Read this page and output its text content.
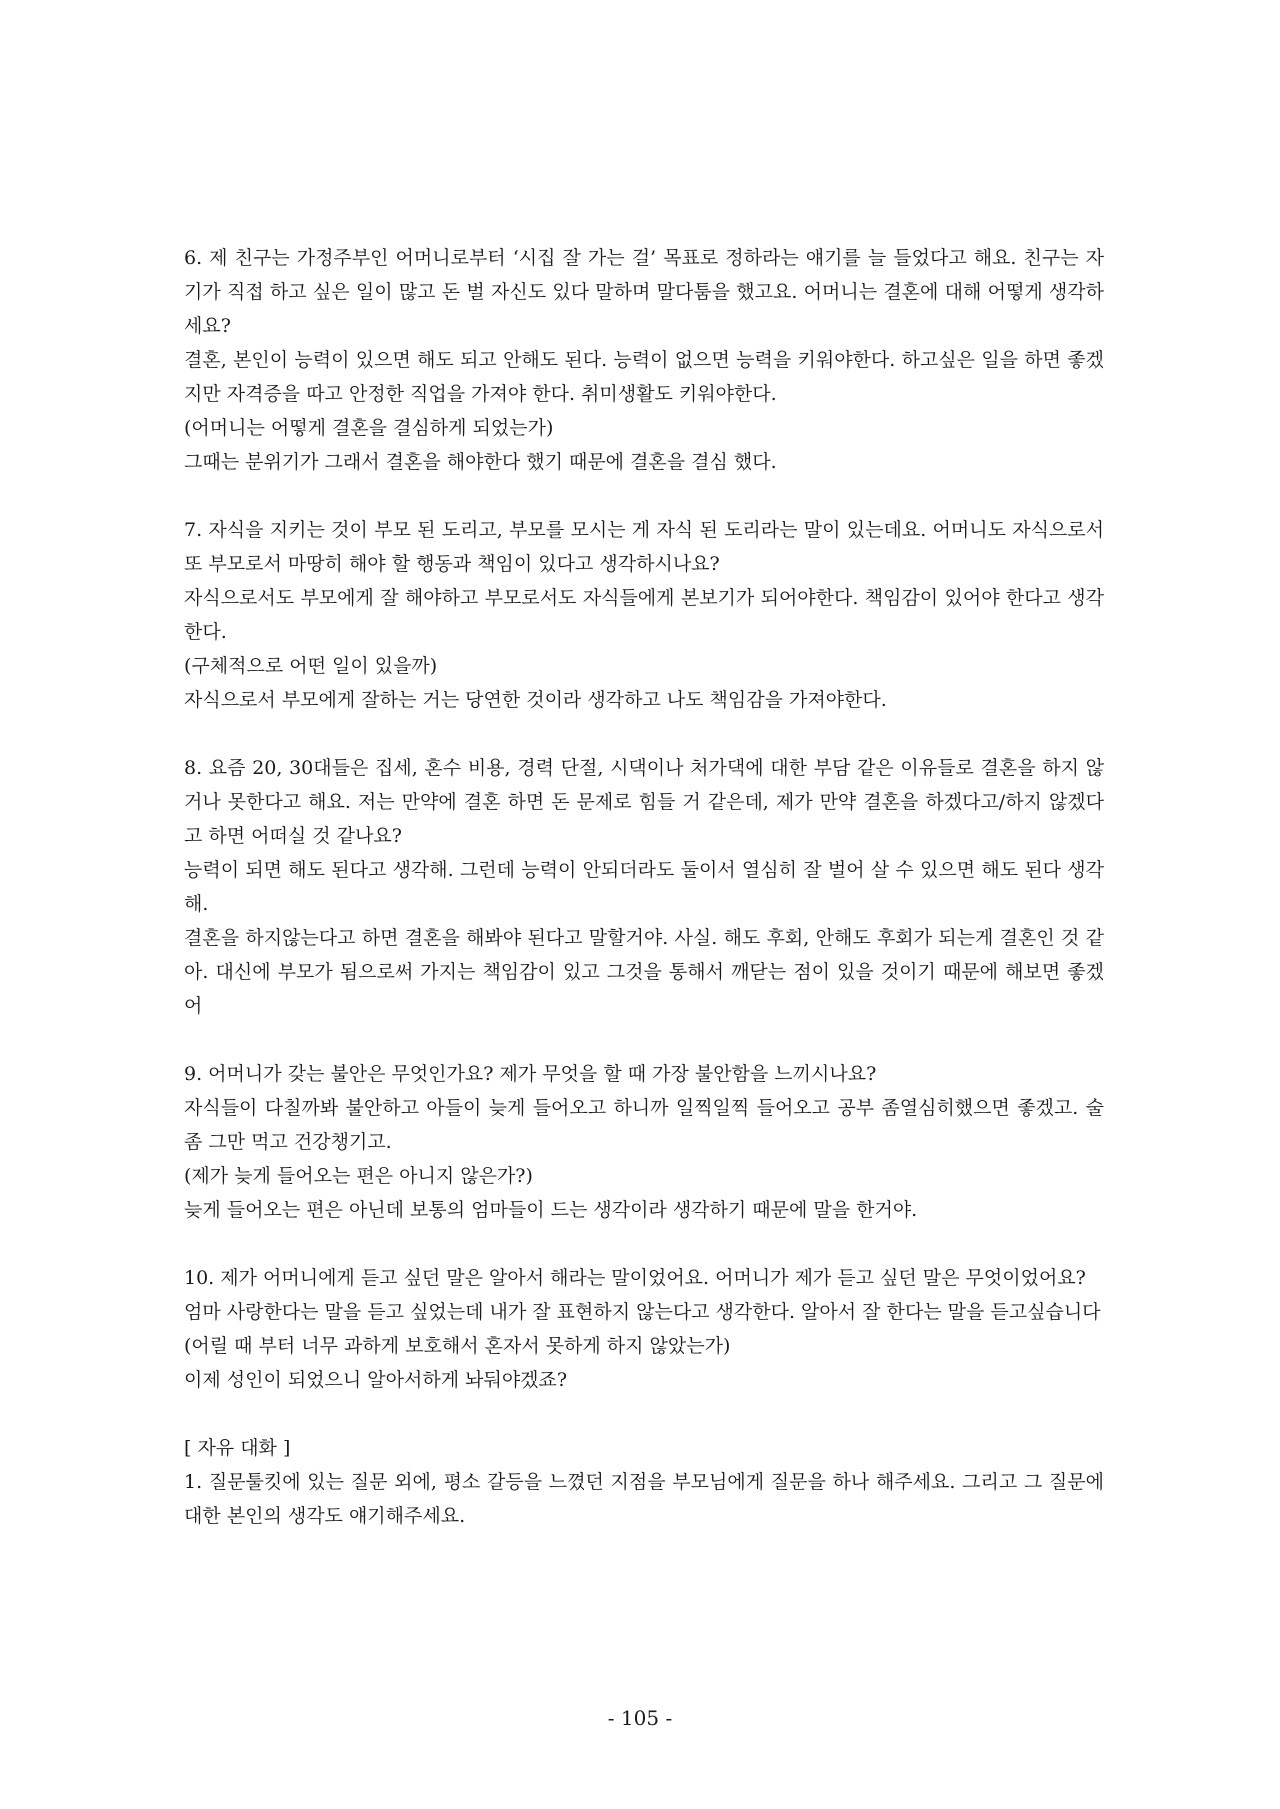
6. 제 친구는 가정주부인 어머니로부터 ‘시집 잘 가는 걸’ 목표로 정하라는 얘기를 늘 들었다고 해요. 친구는 자기가 직접 하고 싶은 일이 많고 돈 벌 자신도 있다 말하며 말다툼을 했고요. 어머니는 결혼에 대해 어떻게 생각하세요?
결혼, 본인이 능력이 있으면 해도 되고 안해도 된다. 능력이 없으면 능력을 키워야한다. 하고싶은 일을 하면 좋겠지만 자격증을 따고 안정한 직업을 가져야 한다. 취미생활도 키워야한다.
(어머니는 어떻게 결혼을 결심하게 되었는가)
그때는 분위기가 그래서 결혼을 해야한다 했기 때문에 결혼을 결심 했다.
7. 자식을 지키는 것이 부모 된 도리고, 부모를 모시는 게 자식 된 도리라는 말이 있는데요. 어머니도 자식으로서 또 부모로서 마땅히 해야 할 행동과 책임이 있다고 생각하시나요?
자식으로서도 부모에게 잘 해야하고 부모로서도 자식들에게 본보기가 되어야한다. 책임감이 있어야 한다고 생각한다.
(구체적으로 어떤 일이 있을까)
자식으로서 부모에게 잘하는 거는 당연한 것이라 생각하고 나도 책임감을 가져야한다.
8. 요즘 20, 30대들은 집세, 혼수 비용, 경력 단절, 시댁이나 처가댁에 대한 부담 같은 이유들로 결혼을 하지 않거나 못한다고 해요. 저는 만약에 결혼 하면 돈 문제로 힘들 거 같은데, 제가 만약 결혼을 하겠다고/하지 않겠다고 하면 어떠실 것 같나요?
능력이 되면 해도 된다고 생각해. 그런데 능력이 안되더라도 둘이서 열심히 잘 벌어 살 수 있으면 해도 된다 생각해.
결혼을 하지않는다고 하면 결혼을 해봐야 된다고 말할거야. 사실. 해도 후회, 안해도 후회가 되는게 결혼인 것 같아. 대신에 부모가 됨으로써 가지는 책임감이 있고 그것을 통해서 깨닫는 점이 있을 것이기 때문에 해보면 좋겠어
9. 어머니가 갖는 불안은 무엇인가요? 제가 무엇을 할 때 가장 불안함을 느끼시나요?
자식들이 다칠까봐 불안하고 아들이 늦게 들어오고 하니까 일찍일찍 들어오고 공부 좀열심히했으면 좋겠고. 술 좀 그만 먹고 건강챙기고.
(제가 늦게 들어오는 편은 아니지 않은가?)
늦게 들어오는 편은 아닌데 보통의 엄마들이 드는 생각이라 생각하기 때문에 말을 한거야.
10. 제가 어머니에게 듣고 싶던 말은 알아서 해라는 말이었어요. 어머니가 제가 듣고 싶던 말은 무엇이었어요?
엄마 사랑한다는 말을 듣고 싶었는데 내가 잘 표현하지 않는다고 생각한다. 알아서 잘 한다는 말을 듣고싶습니다
(어릴 때 부터 너무 과하게 보호해서 혼자서 못하게 하지 않았는가)
이제 성인이 되었으니 알아서하게 놔둬야겠죠?
[ 자유 대화 ]
1. 질문툴킷에 있는 질문 외에, 평소 갈등을 느꼈던 지점을 부모님에게 질문을 하나 해주세요. 그리고 그 질문에 대한 본인의 생각도 얘기해주세요.
- 105 -
